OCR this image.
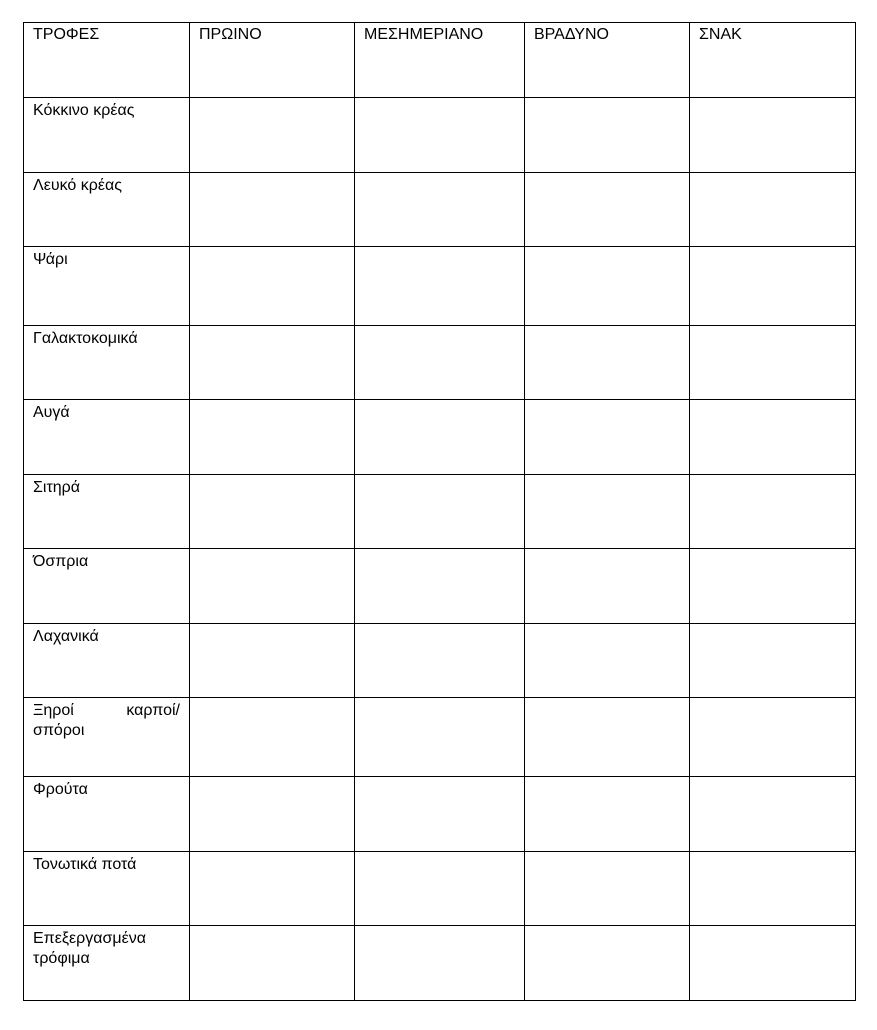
ΤΡΟΦΕΣ	ΠΡΩΙΝΟ	ΜΕΣΗΜΕΡΙΑΝΟ	ΒΡΑΔΥΝΟ	ΣΝΑΚ
Κόκκινο κρέας				
Λευκό κρέας				
Ψάρι				
Γαλακτοκομικά				
Αυγά				
Σιτηρά				
Όσπρια				
Λαχανικά				

Ξηροί καρποί/
σπόροι				

Φρούτα				
Τονωτικά ποτά				

Επεξεργασμένα
τρόφιμα				
